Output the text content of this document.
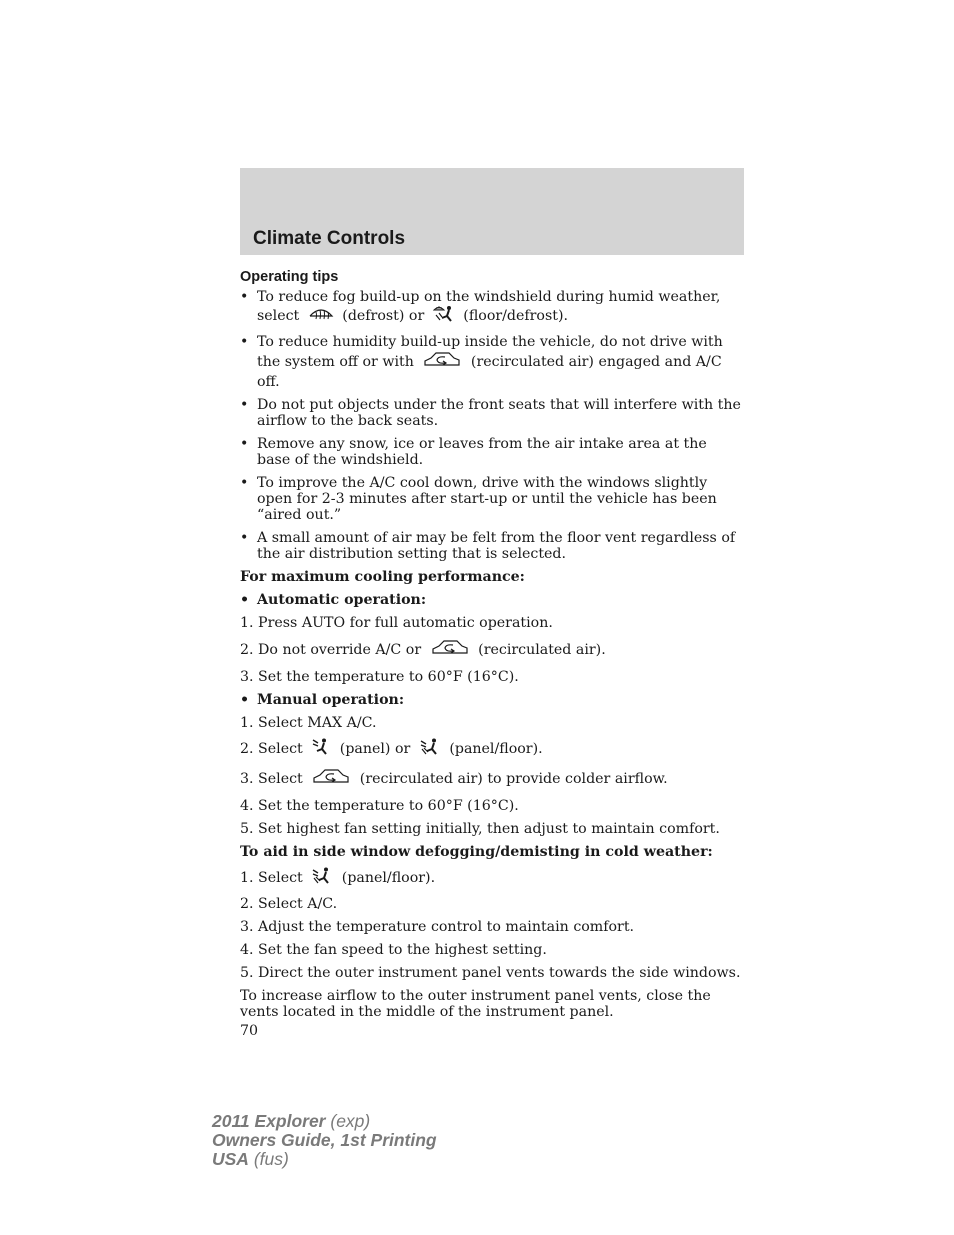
Climate Controls
Operating tips
• To reduce fog build-up on the windshield during humid weather, select	(defrost) or	(floor/defrost).
• To reduce humidity build-up inside the vehicle, do not drive with the system off or with	(recirculated air) engaged and A/C off.
• Do not put objects under the front seats that will interfere with the airflow to the back seats.
• Remove any snow, ice or leaves from the air intake area at the base of the windshield.
• To improve the A/C cool down, drive with the windows slightly open for 2-3 minutes after start-up or until the vehicle has been “aired out.”
• A small amount of air may be felt from the floor vent regardless of the air distribution setting that is selected.
For maximum cooling performance:
• Automatic operation:
1. Press AUTO for full automatic operation.
2. Do not override A/C or	(recirculated air).
3. Set the temperature to 60°F (16°C).
• Manual operation:
1. Select MAX A/C.
2. Select	(panel) or	(panel/floor).
3. Select	(recirculated air) to provide colder airflow.
4. Set the temperature to 60°F (16°C).
5. Set highest fan setting initially, then adjust to maintain comfort.
To aid in side window defogging/demisting in cold weather:
1. Select	(panel/floor).
2. Select A/C.
3. Adjust the temperature control to maintain comfort.
4. Set the fan speed to the highest setting.
5. Direct the outer instrument panel vents towards the side windows.
To increase airflow to the outer instrument panel vents, close the vents located in the middle of the instrument panel.
70
2011 Explorer (exp)
Owners Guide, 1st Printing
USA (fus)
